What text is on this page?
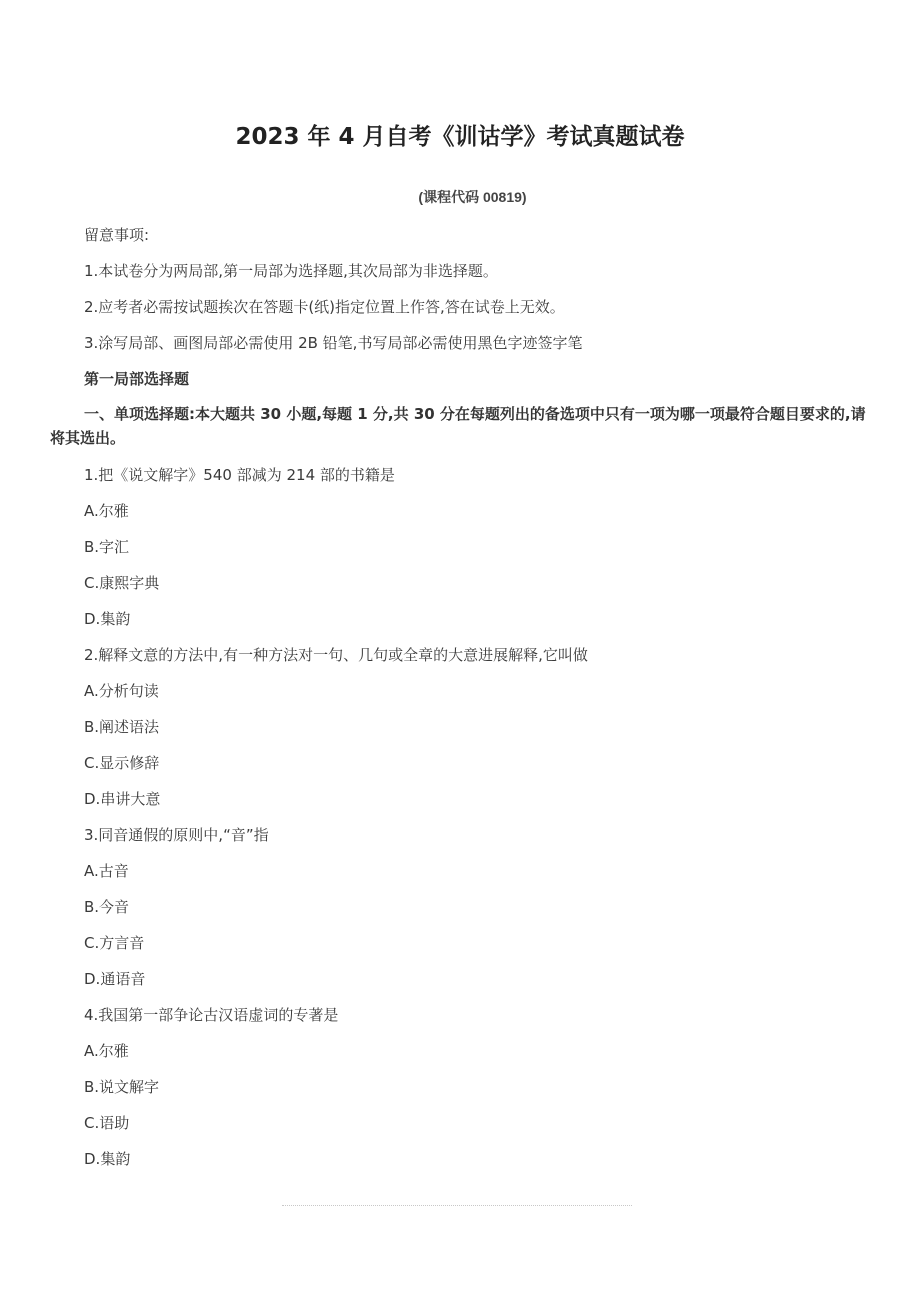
2023 年 4 月自考《训诂学》考试真题试卷
(课程代码 00819)
留意事项:
1.本试卷分为两局部,第一局部为选择题,其次局部为非选择题。
2.应考者必需按试题挨次在答题卡(纸)指定位置上作答,答在试卷上无效。
3.涂写局部、画图局部必需使用 2B 铅笔,书写局部必需使用黑色字迹签字笔
第一局部选择题
一、单项选择题:本大题共 30 小题,每题 1 分,共 30 分在每题列出的备选项中只有一项为哪一项最符合题目要求的,请将其选出。
1.把《说文解字》540 部减为 214 部的书籍是
A.尔雅
B.字汇
C.康熙字典
D.集韵
2.解释文意的方法中,有一种方法对一句、几句或全章的大意进展解释,它叫做
A.分析句读
B.阐述语法
C.显示修辞
D.串讲大意
3.同音通假的原则中,“音”指
A.古音
B.今音
C.方言音
D.通语音
4.我国第一部争论古汉语虚词的专著是
A.尔雅
B.说文解字
C.语助
D.集韵
